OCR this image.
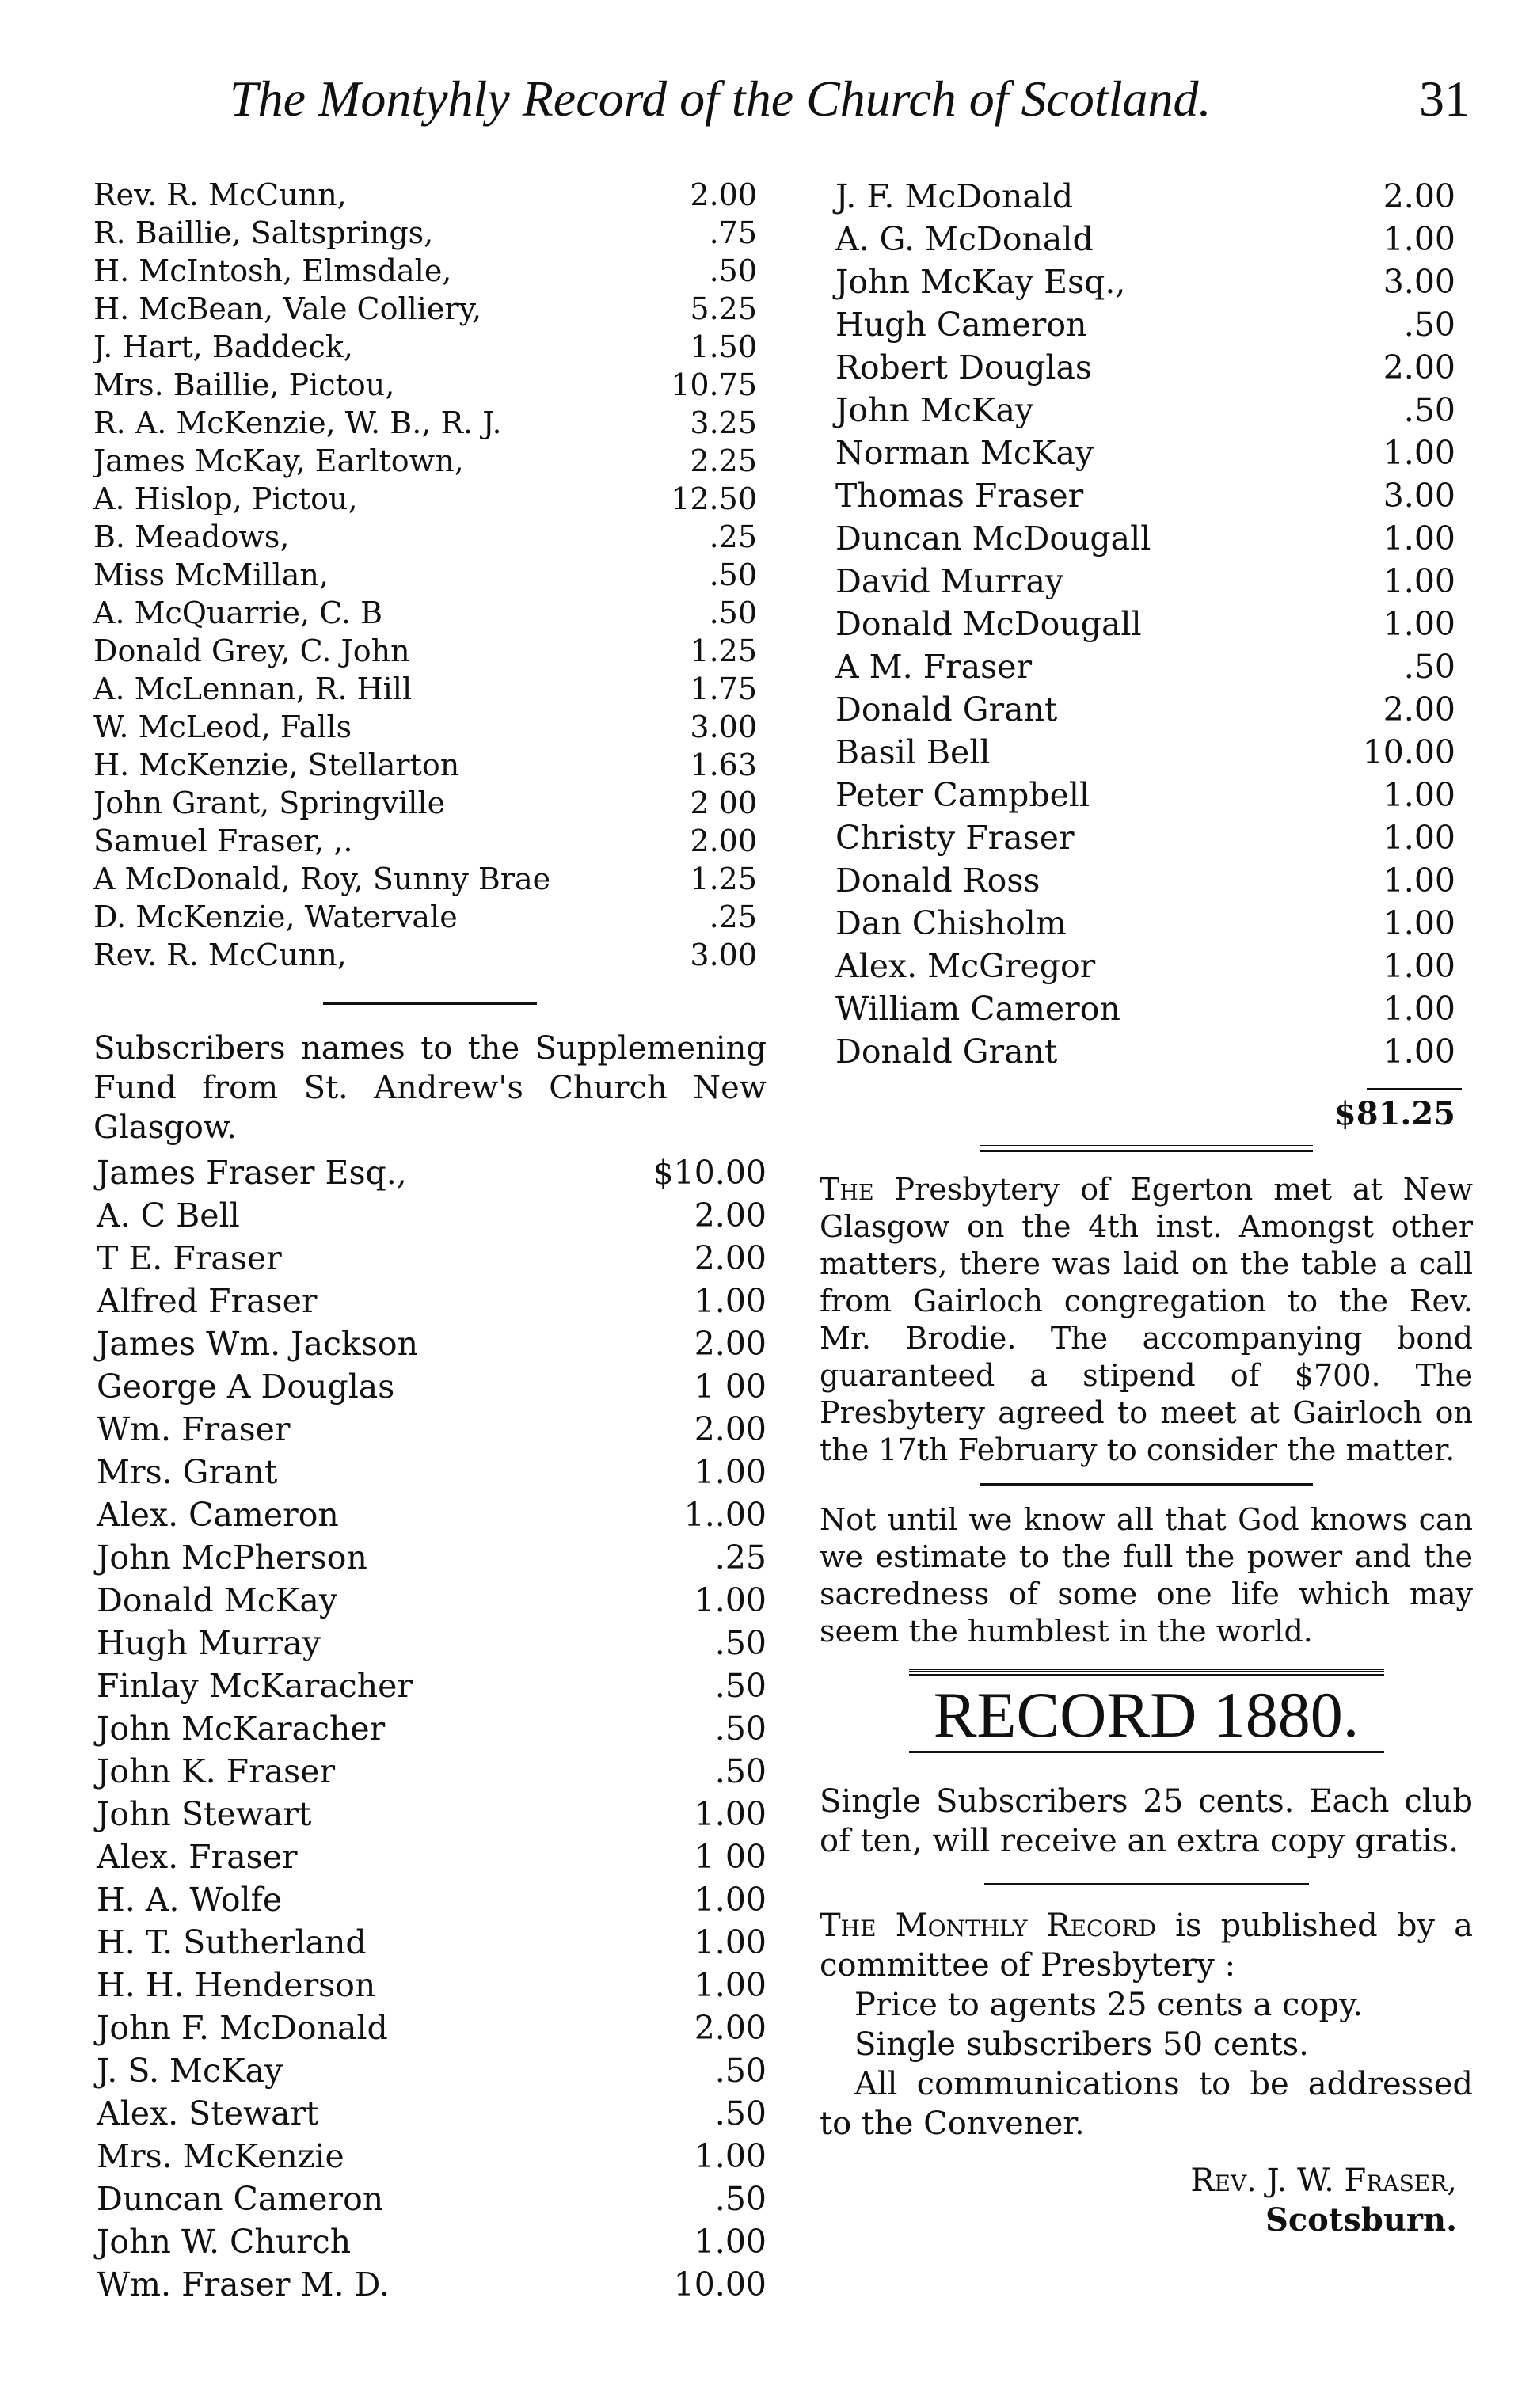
The Montyhly Record of the Church of Scotland.	31
Rev. R. McCunn,	2.00
R. Baillie, Saltsprings,	.75
H. McIntosh, Elmsdale,	.50
H. McBean, Vale Colliery,	5.25
J. Hart, Baddeck,	1.50
Mrs. Baillie, Pictou,	10.75
R. A. McKenzie, W. B., R. J.	3.25
James McKay, Earltown,	2.25
A. Hislop, Pictou,	12.50
B. Meadows,	.25
Miss McMillan,	.50
A. McQuarrie, C. B	.50
Donald Grey, C. John	1.25
A. McLennan, R. Hill	1.75
W. McLeod, Falls	3.00
H. McKenzie, Stellarton	1.63
John Grant, Springville	2 00
Samuel Fraser, ,.	2.00
A McDonald, Roy, Sunny Brae	1.25
D. McKenzie, Watervale	.25
Rev. R. McCunn,	3.00

Subscribers names to the Supplemening Fund from St. Andrew's Church New Glasgow.

James Fraser Esq.,	$10.00
A. C Bell	2.00
T E. Fraser	2.00
Alfred Fraser	1.00
James Wm. Jackson	2.00
George A Douglas	1 00
Wm. Fraser	2.00
Mrs. Grant	1.00
Alex. Cameron	1..00
John McPherson	.25
Donald McKay	1.00
Hugh Murray	.50
Finlay McKaracher	.50
John McKaracher	.50
John K. Fraser	.50
John Stewart	1.00
Alex. Fraser	1 00
H. A. Wolfe	1.00
H. T. Sutherland	1.00
H. H. Henderson	1.00
John F. McDonald	2.00
J. S. McKay	.50
Alex. Stewart	.50
Mrs. McKenzie	1.00
Duncan Cameron	.50
John W. Church	1.00
Wm. Fraser M. D.	10.00
J. F. McDonald	2.00
A. G. McDonald	1.00
John McKay Esq.,	3.00
Hugh Cameron	.50
Robert Douglas	2.00
John McKay	.50
Norman McKay	1.00
Thomas Fraser	3.00
Duncan McDougall	1.00
David Murray	1.00
Donald McDougall	1.00
A M. Fraser	.50
Donald Grant	2.00
Basil Bell	10.00
Peter Campbell	1.00
Christy Fraser	1.00
Donald Ross	1.00
Dan Chisholm	1.00
Alex. McGregor	1.00
William Cameron	1.00
Donald Grant	1.00
$81.25

The Presbytery of Egerton met at New Glasgow on the 4th inst. Amongst other matters, there was laid on the table a call from Gairloch congregation to the Rev. Mr. Brodie. The accompanying bond guaranteed a stipend of $700. The Presbytery agreed to meet at Gairloch on the 17th February to consider the matter.

Not until we know all that God knows can we estimate to the full the power and the sacredness of some one life which may seem the humblest in the world.

RECORD 1880.

Single Subscribers 25 cents. Each club of ten, will receive an extra copy gratis.

The Monthly Record is published by a committee of Presbytery :

Price to agents 25 cents a copy.

Single subscribers 50 cents.

All communications to be addressed to the Convener.

Rev. J. W. Fraser,
Scotsburn.
